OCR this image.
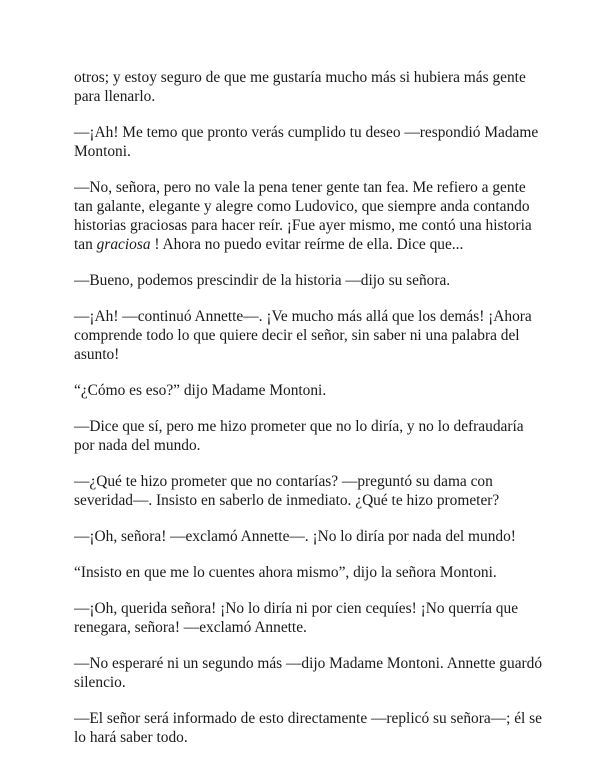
otros; y estoy seguro de que me gustaría mucho más si hubiera más gente para llenarlo.

—¡Ah! Me temo que pronto verás cumplido tu deseo —respondió Madame Montoni.

—No, señora, pero no vale la pena tener gente tan fea. Me refiero a gente tan galante, elegante y alegre como Ludovico, que siempre anda contando historias graciosas para hacer reír. ¡Fue ayer mismo, me contó una historia tan graciosa ! Ahora no puedo evitar reírme de ella. Dice que...

—Bueno, podemos prescindir de la historia —dijo su señora.

—¡Ah! —continuó Annette—. ¡Ve mucho más allá que los demás! ¡Ahora comprende todo lo que quiere decir el señor, sin saber ni una palabra del asunto!

“¿Cómo es eso?” dijo Madame Montoni.

—Dice que sí, pero me hizo prometer que no lo diría, y no lo defraudaría por nada del mundo.

—¿Qué te hizo prometer que no contarías? —preguntó su dama con severidad—. Insisto en saberlo de inmediato. ¿Qué te hizo prometer?

—¡Oh, señora! —exclamó Annette—. ¡No lo diría por nada del mundo!

“Insisto en que me lo cuentes ahora mismo”, dijo la señora Montoni.

—¡Oh, querida señora! ¡No lo diría ni por cien cequíes! ¡No querría que renegara, señora! —exclamó Annette.

—No esperaré ni un segundo más —dijo Madame Montoni. Annette guardó silencio.

—El señor será informado de esto directamente —replicó su señora—; él se lo hará saber todo.
